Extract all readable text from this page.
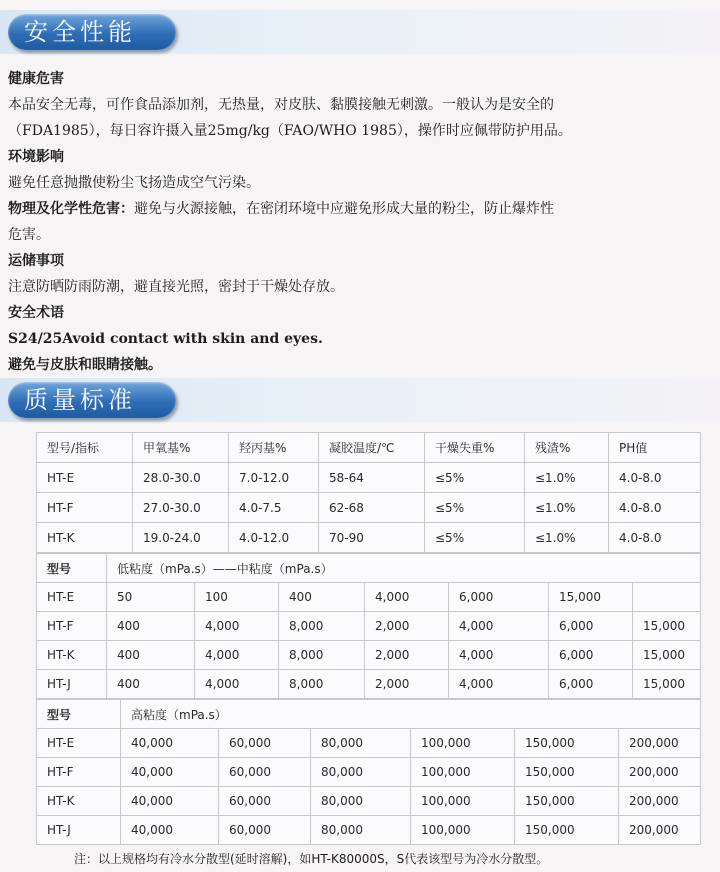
安全性能
健康危害
本品安全无毒，可作食品添加剂，无热量，对皮肤、黏膜接触无刺激。一般认为是安全的
（FDA1985），每日容许摄入量25mg/kg（FAO/WHO 1985），操作时应佩带防护用品。
环境影响
避免任意抛撒使粉尘飞扬造成空气污染。
物理及化学性危害：避免与火源接触，在密闭环境中应避免形成大量的粉尘，防止爆炸性
危害。
运储事项
注意防晒防雨防潮，避直接光照，密封于干燥处存放。
安全术语
S24/25Avoid contact with skin and eyes.
避免与皮肤和眼睛接触。
质量标准
型号/指标	甲氧基%	羟丙基%	凝胶温度/℃	干燥失重%	残渣%	PH值
HT-E	28.0-30.0	7.0-12.0	58-64	≤5%	≤1.0%	4.0-8.0
HT-F	27.0-30.0	4.0-7.5	62-68	≤5%	≤1.0%	4.0-8.0
HT-K	19.0-24.0	4.0-12.0	70-90	≤5%	≤1.0%	4.0-8.0
型号	低粘度（mPa.s）——中粘度（mPa.s）						
HT-E	50	100	400	4,000	6,000	15,000	
HT-F	400	4,000	8,000	2,000	4,000	6,000	15,000
HT-K	400	4,000	8,000	2,000	4,000	6,000	15,000
HT-J	400	4,000	8,000	2,000	4,000	6,000	15,000
型号	高粘度（mPa.s）					
HT-E	40,000	60,000	80,000	100,000	150,000	200,000
HT-F	40,000	60,000	80,000	100,000	150,000	200,000
HT-K	40,000	60,000	80,000	100,000	150,000	200,000
HT-J	40,000	60,000	80,000	100,000	150,000	200,000
注：以上规格均有冷水分散型(延时溶解)，如HT-K80000S，S代表该型号为冷水分散型。
